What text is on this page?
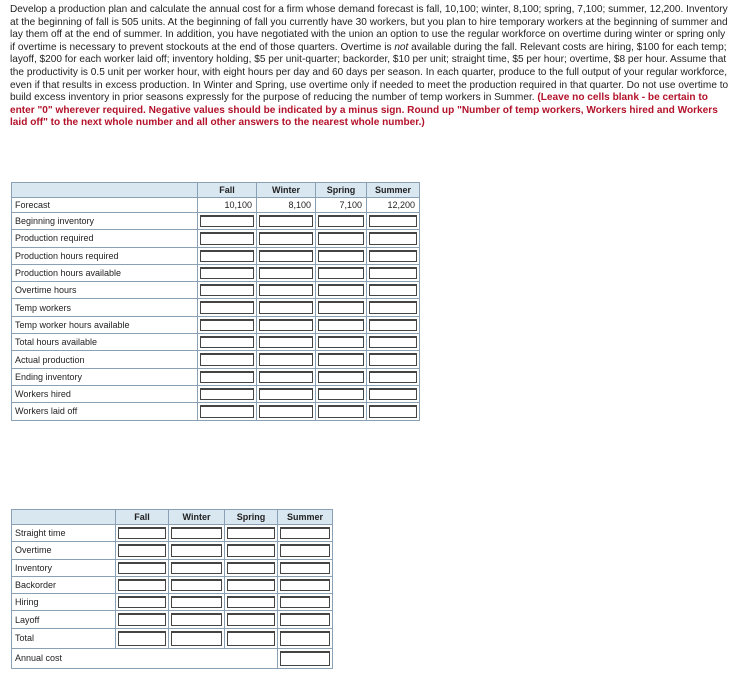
Develop a production plan and calculate the annual cost for a firm whose demand forecast is fall, 10,100; winter, 8,100; spring, 7,100; summer, 12,200. Inventory at the beginning of fall is 505 units. At the beginning of fall you currently have 30 workers, but you plan to hire temporary workers at the beginning of summer and lay them off at the end of summer. In addition, you have negotiated with the union an option to use the regular workforce on overtime during winter or spring only if overtime is necessary to prevent stockouts at the end of those quarters. Overtime is not available during the fall. Relevant costs are hiring, $100 for each temp; layoff, $200 for each worker laid off; inventory holding, $5 per unit-quarter; backorder, $10 per unit; straight time, $5 per hour; overtime, $8 per hour. Assume that the productivity is 0.5 unit per worker hour, with eight hours per day and 60 days per season. In each quarter, produce to the full output of your regular workforce, even if that results in excess production. In Winter and Spring, use overtime only if needed to meet the production required in that quarter. Do not use overtime to build excess inventory in prior seasons expressly for the purpose of reducing the number of temp workers in Summer. (Leave no cells blank - be certain to enter "0" wherever required. Negative values should be indicated by a minus sign. Round up "Number of temp workers, Workers hired and Workers laid off" to the next whole number and all other answers to the nearest whole number.)
	Fall	Winter	Spring	Summer
Forecast	10,100	8,100	7,100	12,200
Beginning inventory	

Production required	

Production hours required	

Production hours available	

Overtime hours	

Temp workers	

Temp worker hours available	

Total hours available	

Actual production	

Ending inventory	

Workers hired	

Workers laid off	

	Fall	Winter	Spring	Summer
Straight time	

Overtime	

Inventory	

Backorder	

Hiring	

Layoff	

Total	

Annual cost				
